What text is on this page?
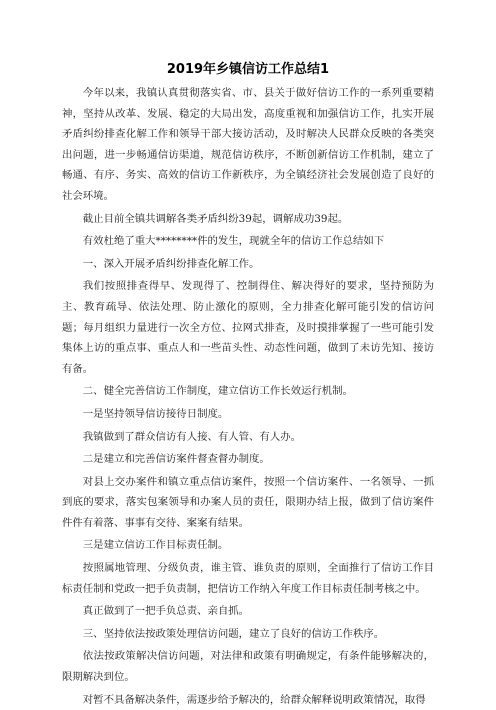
2019年乡镇信访工作总结1

今年以来，我镇认真贯彻落实省、市、县关于做好信访工作的一系列重要精神，坚持从改革、发展、稳定的大局出发，高度重视和加强信访工作，扎实开展矛盾纠纷排查化解工作和领导干部大接访活动，及时解决人民群众反映的各类突出问题，进一步畅通信访渠道，规范信访秩序，不断创新信访工作机制，建立了畅通、有序、务实、高效的信访工作新秩序，为全镇经济社会发展创造了良好的社会环境。

截止目前全镇共调解各类矛盾纠纷39起，调解成功39起。

有效杜绝了重大********件的发生，现就全年的信访工作总结如下

一、深入开展矛盾纠纷排查化解工作。

我们按照排查得早、发现得了、控制得住、解决得好的要求，坚持预防为主、教育疏导、依法处理、防止激化的原则，全力排查化解可能引发的信访问题；每月组织力量进行一次全方位、拉网式排查，及时摸排掌握了一些可能引发集体上访的重点事、重点人和一些苗头性、动态性问题，做到了未访先知、接访有备。

二、健全完善信访工作制度，建立信访工作长效运行机制。

一是坚持领导信访接待日制度。

我镇做到了群众信访有人接、有人管、有人办。

二是建立和完善信访案件督查督办制度。

对县上交办案件和镇立重点信访案件，按照一个信访案件、一名领导、一抓到底的要求，落实包案领导和办案人员的责任，限期办结上报，做到了信访案件件件有着落、事事有交待、案案有结果。

三是建立信访工作目标责任制。

按照属地管理、分级负责，谁主管、谁负责的原则，全面推行了信访工作目标责任制和党政一把手负责制，把信访工作纳入年度工作目标责任制考核之中。

真正做到了一把手负总责、亲自抓。

三、坚持依法按政策处理信访问题，建立了良好的信访工作秩序。

依法按政策解决信访问题，对法律和政策有明确规定，有条件能够解决的，限期解决到位。

对暂不具备解决条件，需逐步给予解决的，给群众解释说明政策情况，取得
